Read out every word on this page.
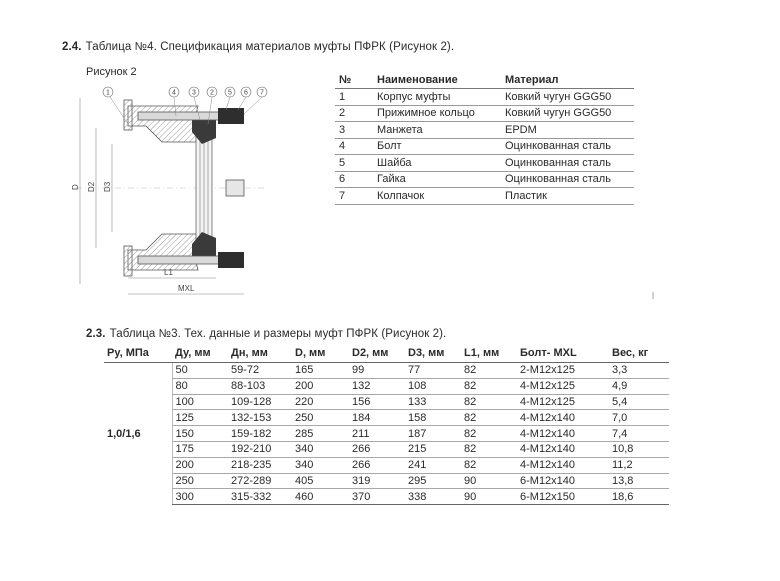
2.4. Таблица №4. Спецификация материалов муфты ПФРК (Рисунок 2).
Рисунок 2
D D2 D3
L1
MXL
1	4 3 2 5 6 7
№	Наименование	Материал
1	Корпус муфты	Ковкий чугун GGG50
2	Прижимное кольцо	Ковкий чугун GGG50
3	Манжета	EPDM
4	Болт	Оцинкованная сталь
5	Шайба	Оцинкованная сталь
6	Гайка	Оцинкованная сталь
7	Колпачок	Пластик
2.3. Таблица №3. Тех. данные и размеры муфт ПФРК (Рисунок 2).
Ру, МПа	Ду, мм	Дн, мм	D, мм	D2, мм	D3, мм	L1, мм	Болт- MXL	Вес, кг
1,0/1,6	50	59-72	165	99	77	82	2-M12x125	3,3
	80	88-103	200	132	108	82	4-M12x125	4,9
	100	109-128	220	156	133	82	4-M12x125	5,4
	125	132-153	250	184	158	82	4-M12x140	7,0
	150	159-182	285	211	187	82	4-M12x140	7,4
	175	192-210	340	266	215	82	4-M12x140	10,8
	200	218-235	340	266	241	82	4-M12x140	11,2
	250	272-289	405	319	295	90	6-M12x140	13,8
	300	315-332	460	370	338	90	6-M12x150	18,6
